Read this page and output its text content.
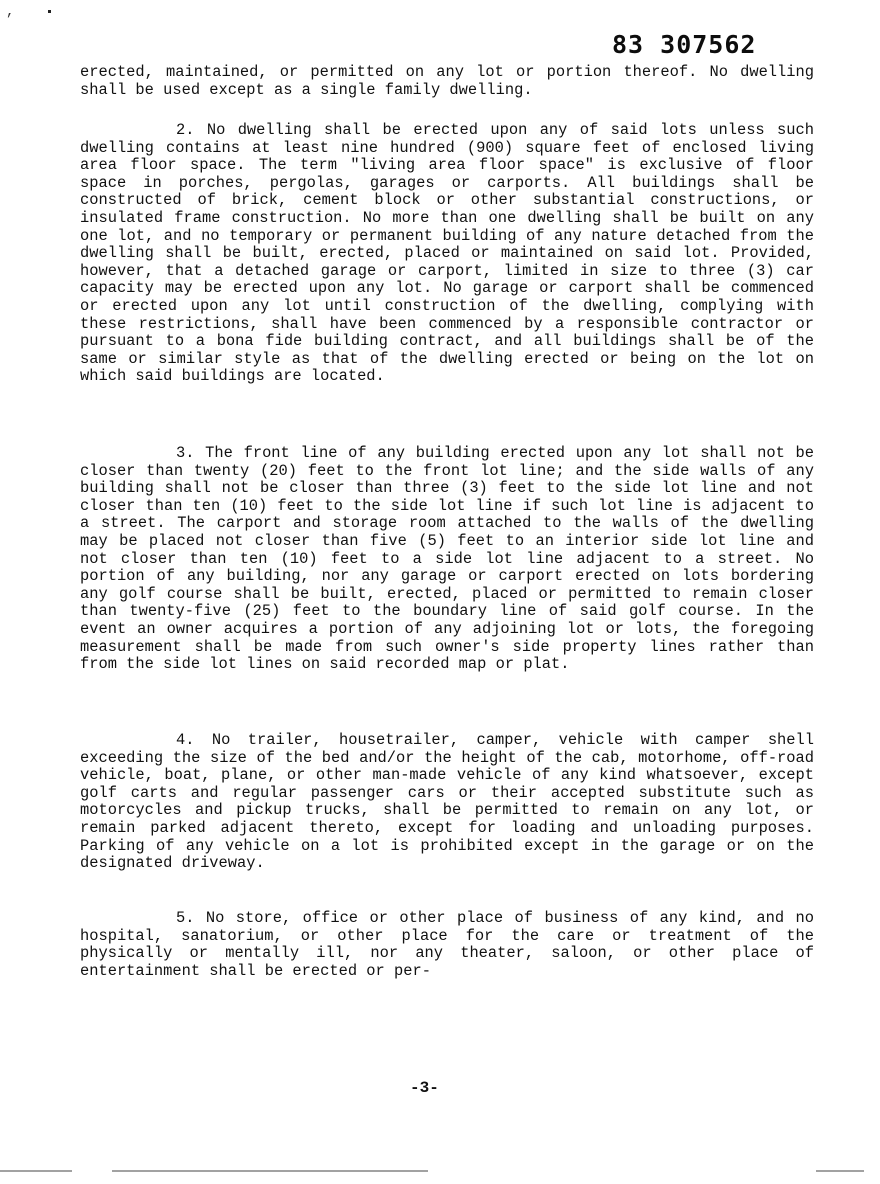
,
83 307562

erected, maintained, or permitted on any lot or portion thereof. No dwelling shall be used except as a single family dwelling.

2. No dwelling shall be erected upon any of said lots unless such dwelling contains at least nine hundred (900) square feet of enclosed living area floor space. The term "living area floor space" is exclusive of floor space in porches, pergolas, garages or carports. All buildings shall be constructed of brick, cement block or other substantial constructions, or insulated frame construction. No more than one dwelling shall be built on any one lot, and no temporary or permanent building of any nature detached from the dwelling shall be built, erected, placed or maintained on said lot. Provided, however, that a detached garage or carport, limited in size to three (3) car capacity may be erected upon any lot. No garage or carport shall be commenced or erected upon any lot until construction of the dwelling, complying with these restrictions, shall have been commenced by a responsible contractor or pursuant to a bona fide building contract, and all buildings shall be of the same or similar style as that of the dwelling erected or being on the lot on which said buildings are located.

3. The front line of any building erected upon any lot shall not be closer than twenty (20) feet to the front lot line; and the side walls of any building shall not be closer than three (3) feet to the side lot line and not closer than ten (10) feet to the side lot line if such lot line is adjacent to a street. The carport and storage room attached to the walls of the dwelling may be placed not closer than five (5) feet to an interior side lot line and not closer than ten (10) feet to a side lot line adjacent to a street. No portion of any building, nor any garage or carport erected on lots bordering any golf course shall be built, erected, placed or permitted to remain closer than twenty-five (25) feet to the boundary line of said golf course. In the event an owner acquires a portion of any adjoining lot or lots, the foregoing measurement shall be made from such owner's side property lines rather than from the side lot lines on said recorded map or plat.

4. No trailer, housetrailer, camper, vehicle with camper shell exceeding the size of the bed and/or the height of the cab, motorhome, off-road vehicle, boat, plane, or other man-made vehicle of any kind whatsoever, except golf carts and regular passenger cars or their accepted substitute such as motorcycles and pickup trucks, shall be permitted to remain on any lot, or remain parked adjacent thereto, except for loading and unloading purposes. Parking of any vehicle on a lot is prohibited except in the garage or on the designated driveway.

5. No store, office or other place of business of any kind, and no hospital, sanatorium, or other place for the care or treatment of the physically or mentally ill, nor any theater, saloon, or other place of entertainment shall be erected or per-

-3-
